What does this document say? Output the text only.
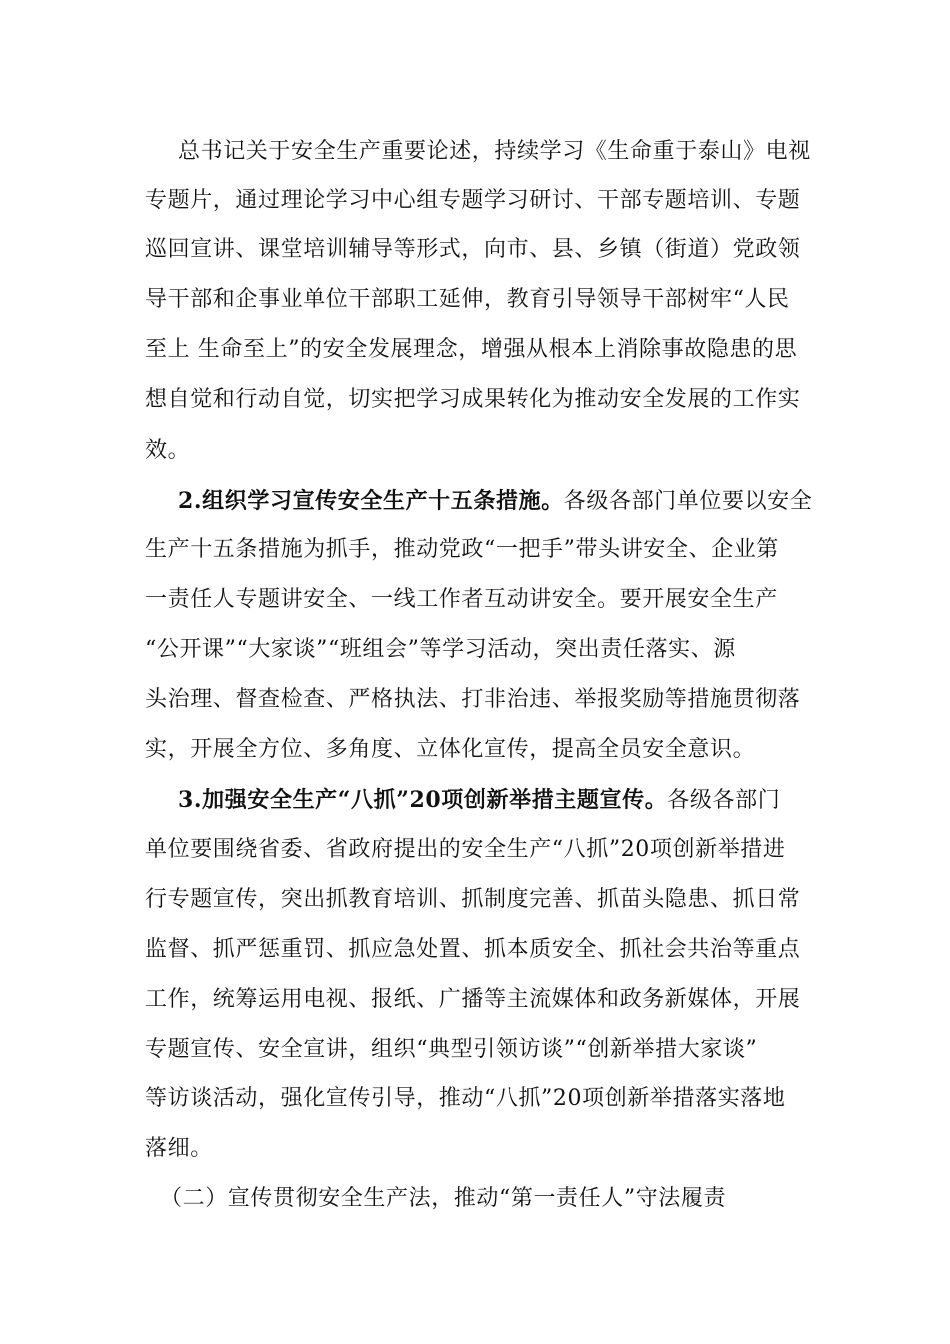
总书记关于安全生产重要论述，持续学习《生命重于泰山》电视
专题片，通过理论学习中心组专题学习研讨、干部专题培训、专题
巡回宣讲、课堂培训辅导等形式，向市、县、乡镇（街道）党政领
导干部和企事业单位干部职工延伸，教育引导领导干部树牢“人民
至上 生命至上”的安全发展理念，增强从根本上消除事故隐患的思
想自觉和行动自觉，切实把学习成果转化为推动安全发展的工作实
效。
2.组织学习宣传安全生产十五条措施。各级各部门单位要以安全
生产十五条措施为抓手，推动党政“一把手”带头讲安全、企业第
一责任人专题讲安全、一线工作者互动讲安全。要开展安全生产
“公开课”“大家谈”“班组会”等学习活动，突出责任落实、源
头治理、督查检查、严格执法、打非治违、举报奖励等措施贯彻落
实，开展全方位、多角度、立体化宣传，提高全员安全意识。
3.加强安全生产“八抓”20项创新举措主题宣传。各级各部门
单位要围绕省委、省政府提出的安全生产“八抓”20项创新举措进
行专题宣传，突出抓教育培训、抓制度完善、抓苗头隐患、抓日常
监督、抓严惩重罚、抓应急处置、抓本质安全、抓社会共治等重点
工作，统筹运用电视、报纸、广播等主流媒体和政务新媒体，开展
专题宣传、安全宣讲，组织“典型引领访谈”“创新举措大家谈”
等访谈活动，强化宣传引导，推动“八抓”20项创新举措落实落地
落细。
（二）宣传贯彻安全生产法，推动“第一责任人”守法履责
